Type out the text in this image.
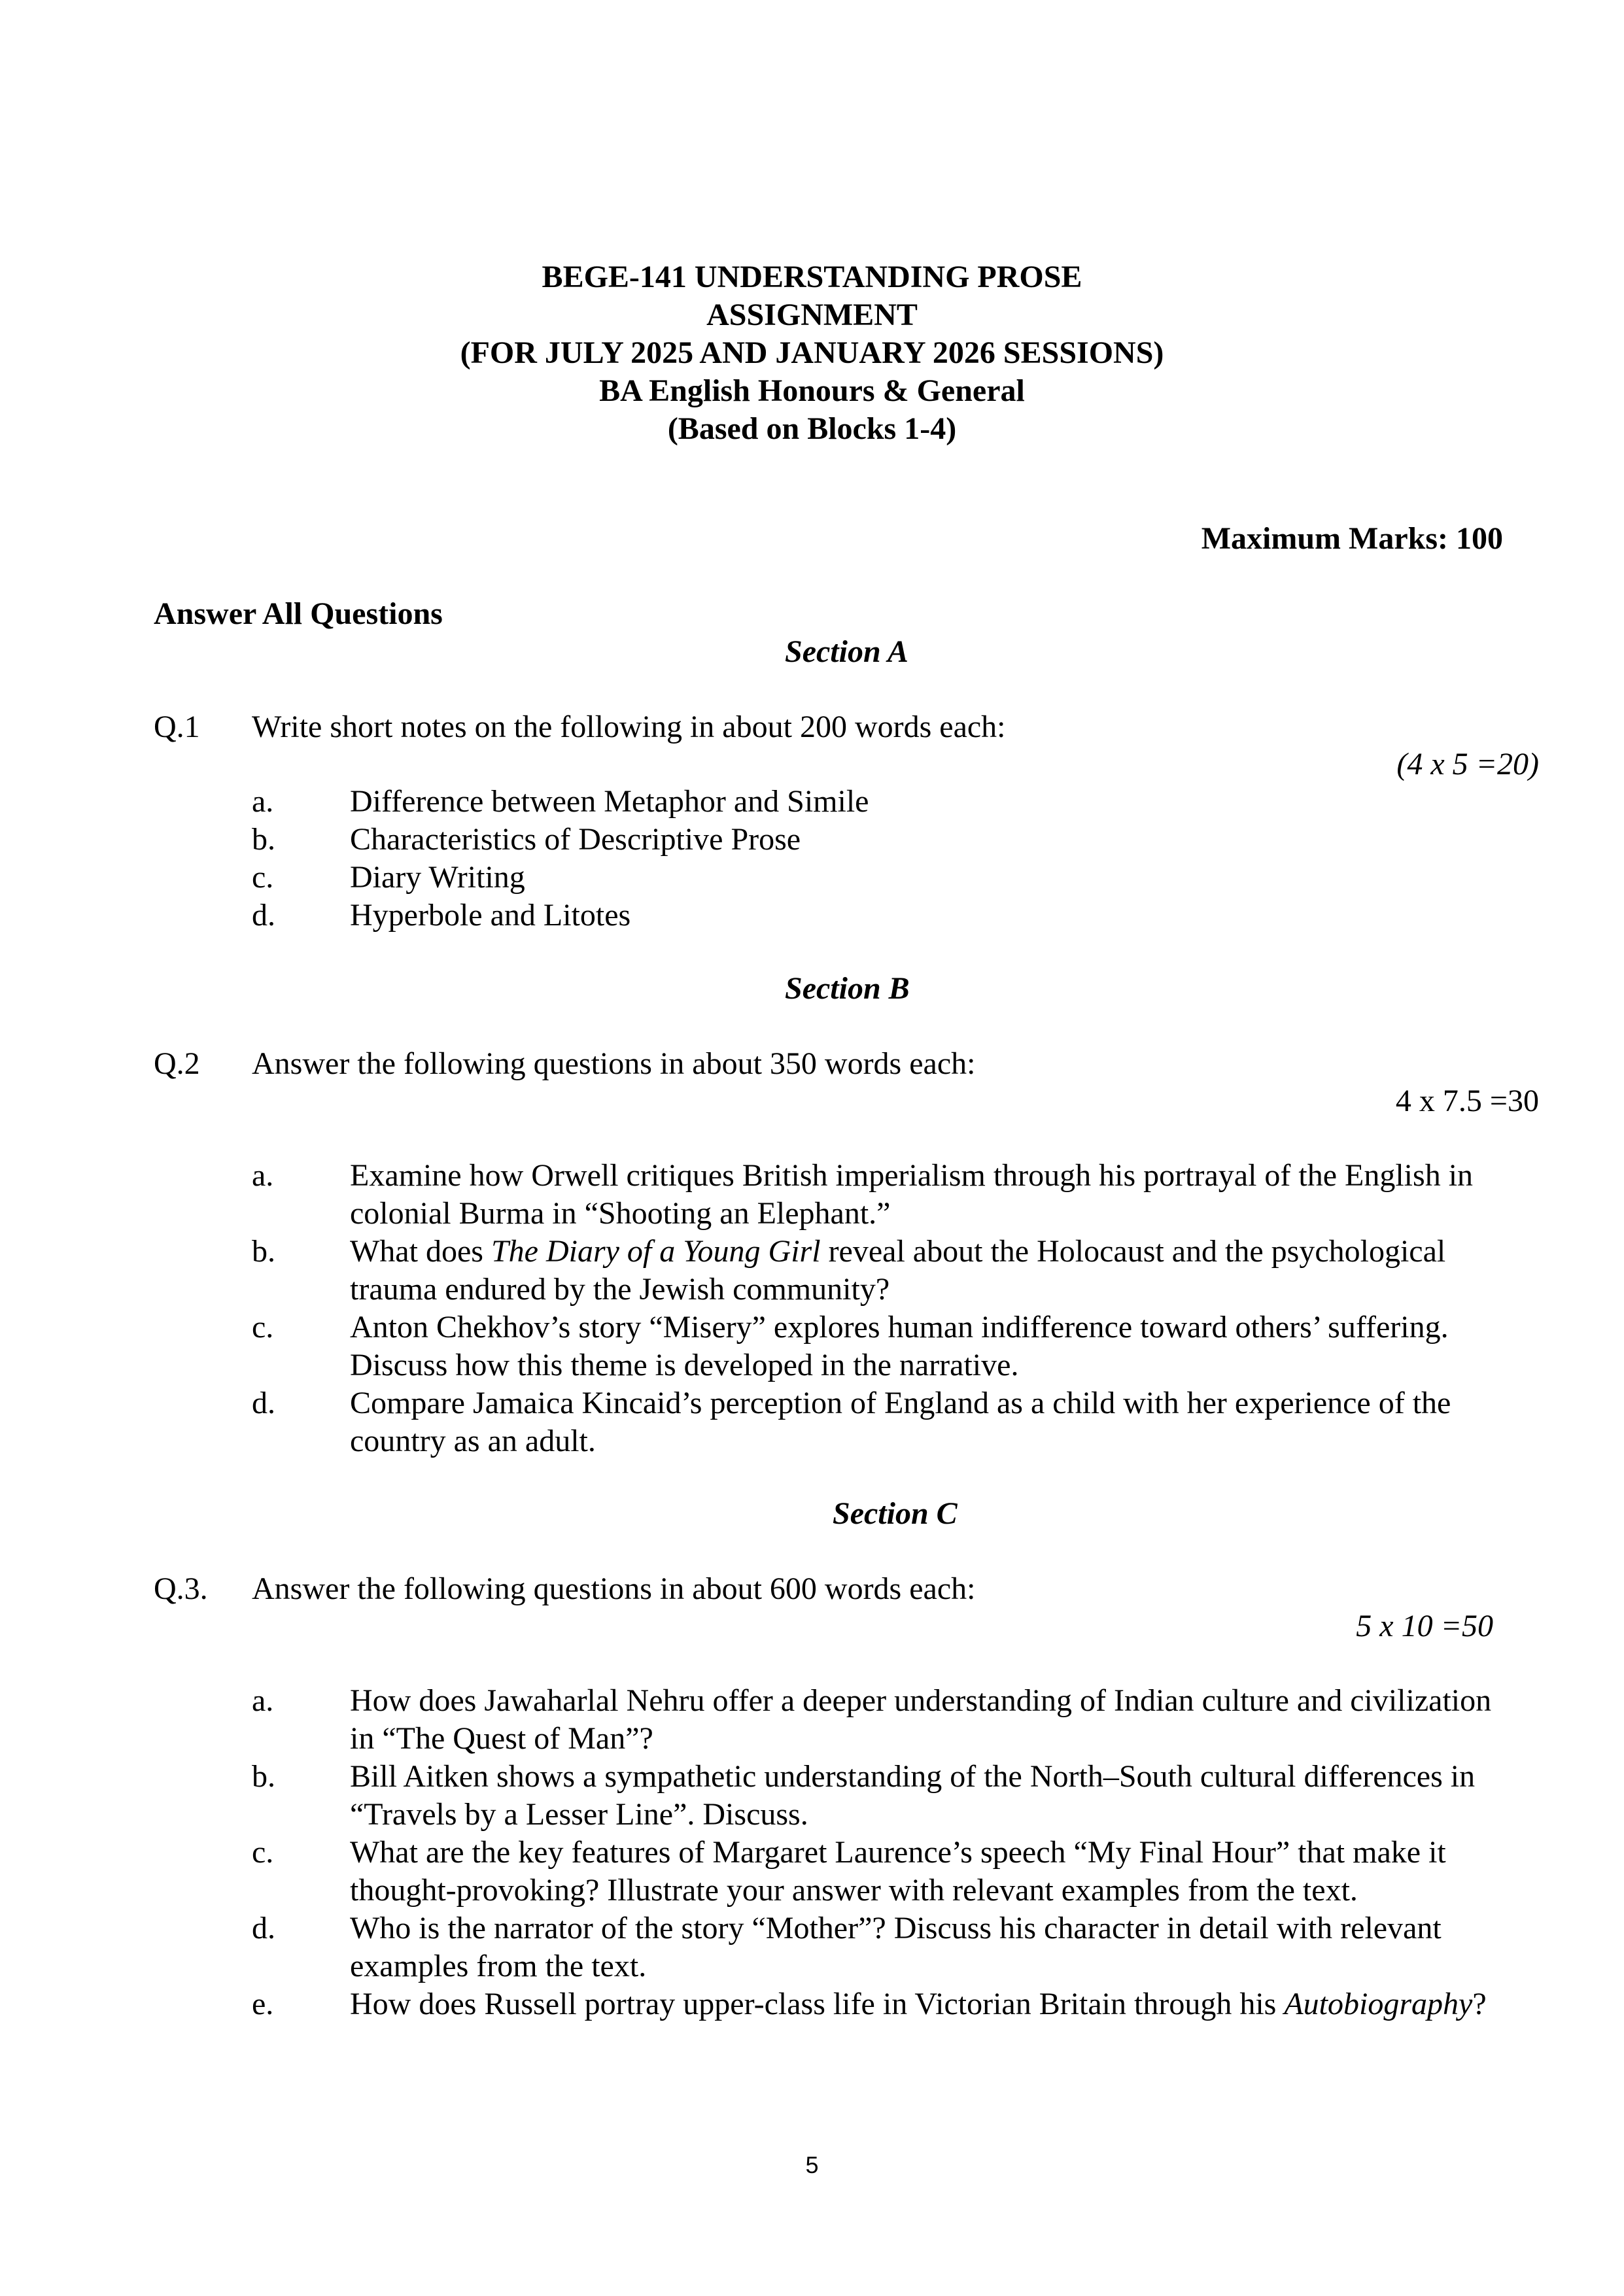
BEGE-141 UNDERSTANDING PROSE
ASSIGNMENT
(FOR JULY 2025 AND JANUARY 2026 SESSIONS)
BA English Honours & General
(Based on Blocks 1-4)
Maximum Marks: 100
Answer All Questions
Section A
Q.1 Write short notes on the following in about 200 words each:
(4 x 5 =20)
a. Difference between Metaphor and Simile
b. Characteristics of Descriptive Prose
c. Diary Writing
d. Hyperbole and Litotes
Section B
Q.2 Answer the following questions in about 350 words each:
4 x 7.5 =30
a. Examine how Orwell critiques British imperialism through his portrayal of the English in
colonial Burma in “Shooting an Elephant.”
b. What does The Diary of a Young Girl reveal about the Holocaust and the psychological
trauma endured by the Jewish community?
c. Anton Chekhov’s story “Misery” explores human indifference toward others’ suffering.
Discuss how this theme is developed in the narrative.
d. Compare Jamaica Kincaid’s perception of England as a child with her experience of the
country as an adult.
Section C
Q.3. Answer the following questions in about 600 words each:
5 x 10 =50
a. How does Jawaharlal Nehru offer a deeper understanding of Indian culture and civilization
in “The Quest of Man”?
b. Bill Aitken shows a sympathetic understanding of the North–South cultural differences in
“Travels by a Lesser Line”. Discuss.
c. What are the key features of Margaret Laurence’s speech “My Final Hour” that make it
thought-provoking? Illustrate your answer with relevant examples from the text.
d. Who is the narrator of the story “Mother”? Discuss his character in detail with relevant
examples from the text.
e. How does Russell portray upper-class life in Victorian Britain through his Autobiography?
5
